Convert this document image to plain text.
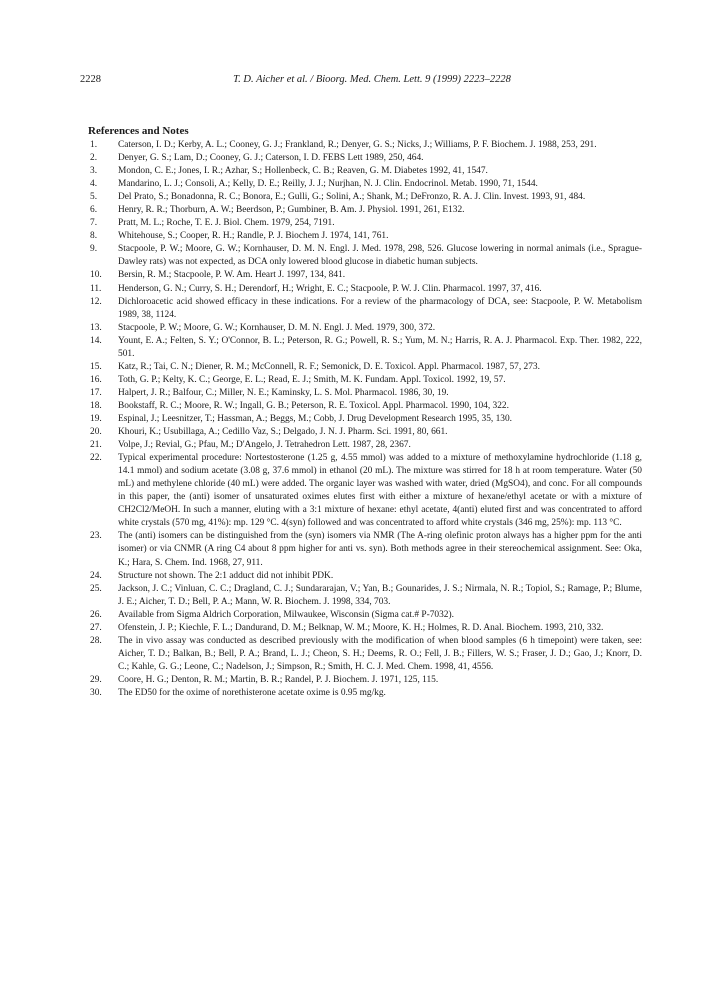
2228	T. D. Aicher et al. / Bioorg. Med. Chem. Lett. 9 (1999) 2223–2228
References and Notes
1.	Caterson, I. D.; Kerby, A. L.; Cooney, G. J.; Frankland, R.; Denyer, G. S.; Nicks, J.; Williams, P. F. Biochem. J. 1988, 253, 291.
2.	Denyer, G. S.; Lam, D.; Cooney, G. J.; Caterson, I. D. FEBS Lett 1989, 250, 464.
3.	Mondon, C. E.; Jones, I. R.; Azhar, S.; Hollenbeck, C. B.; Reaven, G. M. Diabetes 1992, 41, 1547.
4.	Mandarino, L. J.; Consoli, A.; Kelly, D. E.; Reilly, J. J.; Nurjhan, N. J. Clin. Endocrinol. Metab. 1990, 71, 1544.
5.	Del Prato, S.; Bonadonna, R. C.; Bonora, E.; Gulli, G.; Solini, A.; Shank, M.; DeFronzo, R. A. J. Clin. Invest. 1993, 91, 484.
6.	Henry, R. R.; Thorburn, A. W.; Beerdson, P.; Gumbiner, B. Am. J. Physiol. 1991, 261, E132.
7.	Pratt, M. L.; Roche, T. E. J. Biol. Chem. 1979, 254, 7191.
8.	Whitehouse, S.; Cooper, R. H.; Randle, P. J. Biochem J. 1974, 141, 761.
9.	Stacpoole, P. W.; Moore, G. W.; Kornhauser, D. M. N. Engl. J. Med. 1978, 298, 526. Glucose lowering in normal animals (i.e., Sprague-Dawley rats) was not expected, as DCA only lowered blood glucose in diabetic human subjects.
10.	Bersin, R. M.; Stacpoole, P. W. Am. Heart J. 1997, 134, 841.
11.	Henderson, G. N.; Curry, S. H.; Derendorf, H.; Wright, E. C.; Stacpoole, P. W. J. Clin. Pharmacol. 1997, 37, 416.
12.	Dichloroacetic acid showed efficacy in these indications. For a review of the pharmacology of DCA, see: Stacpoole, P. W. Metabolism 1989, 38, 1124.
13.	Stacpoole, P. W.; Moore, G. W.; Kornhauser, D. M. N. Engl. J. Med. 1979, 300, 372.
14.	Yount, E. A.; Felten, S. Y.; O'Connor, B. L.; Peterson, R. G.; Powell, R. S.; Yum, M. N.; Harris, R. A. J. Pharmacol. Exp. Ther. 1982, 222, 501.
15.	Katz, R.; Tai, C. N.; Diener, R. M.; McConnell, R. F.; Semonick, D. E. Toxicol. Appl. Pharmacol. 1987, 57, 273.
16.	Toth, G. P.; Kelty, K. C.; George, E. L.; Read, E. J.; Smith, M. K. Fundam. Appl. Toxicol. 1992, 19, 57.
17.	Halpert, J. R.; Balfour, C.; Miller, N. E.; Kaminsky, L. S. Mol. Pharmacol. 1986, 30, 19.
18.	Bookstaff, R. C.; Moore, R. W.; Ingall, G. B.; Peterson, R. E. Toxicol. Appl. Pharmacol. 1990, 104, 322.
19.	Espinal, J.; Leesnitzer, T.; Hassman, A.; Beggs, M.; Cobb, J. Drug Development Research 1995, 35, 130.
20.	Khouri, K.; Usubillaga, A.; Cedillo Vaz, S.; Delgado, J. N. J. Pharm. Sci. 1991, 80, 661.
21.	Volpe, J.; Revial, G.; Pfau, M.; D'Angelo, J. Tetrahedron Lett. 1987, 28, 2367.
22.	Typical experimental procedure: Nortestosterone (1.25 g, 4.55 mmol) was added to a mixture of methoxylamine hydrochloride (1.18 g, 14.1 mmol) and sodium acetate (3.08 g, 37.6 mmol) in ethanol (20 mL). The mixture was stirred for 18 h at room temperature. Water (50 mL) and methylene chloride (40 mL) were added. The organic layer was washed with water, dried (MgSO4), and conc. For all compounds in this paper, the (anti) isomer of unsaturated oximes elutes first with either a mixture of hexane/ethyl acetate or with a mixture of CH2Cl2/MeOH. In such a manner, eluting with a 3:1 mixture of hexane: ethyl acetate, 4(anti) eluted first and was concentrated to afford white crystals (570 mg, 41%): mp. 129 °C. 4(syn) followed and was concentrated to afford white crystals (346 mg, 25%): mp. 113 °C.
23.	The (anti) isomers can be distinguished from the (syn) isomers via NMR (The A-ring olefinic proton always has a higher ppm for the anti isomer) or via CNMR (A ring C4 about 8 ppm higher for anti vs. syn). Both methods agree in their stereochemical assignment. See: Oka, K.; Hara, S. Chem. Ind. 1968, 27, 911.
24.	Structure not shown. The 2:1 adduct did not inhibit PDK.
25.	Jackson, J. C.; Vinluan, C. C.; Dragland, C. J.; Sundararajan, V.; Yan, B.; Gounarides, J. S.; Nirmala, N. R.; Topiol, S.; Ramage, P.; Blume, J. E.; Aicher, T. D.; Bell, P. A.; Mann, W. R. Biochem. J. 1998, 334, 703.
26.	Available from Sigma Aldrich Corporation, Milwaukee, Wisconsin (Sigma cat.# P-7032).
27.	Ofenstein, J. P.; Kiechle, F. L.; Dandurand, D. M.; Belknap, W. M.; Moore, K. H.; Holmes, R. D. Anal. Biochem. 1993, 210, 332.
28.	The in vivo assay was conducted as described previously with the modification of when blood samples (6 h timepoint) were taken, see: Aicher, T. D.; Balkan, B.; Bell, P. A.; Brand, L. J.; Cheon, S. H.; Deems, R. O.; Fell, J. B.; Fillers, W. S.; Fraser, J. D.; Gao, J.; Knorr, D. C.; Kahle, G. G.; Leone, C.; Nadelson, J.; Simpson, R.; Smith, H. C. J. Med. Chem. 1998, 41, 4556.
29.	Coore, H. G.; Denton, R. M.; Martin, B. R.; Randel, P. J. Biochem. J. 1971, 125, 115.
30.	The ED50 for the oxime of norethisterone acetate oxime is 0.95 mg/kg.
